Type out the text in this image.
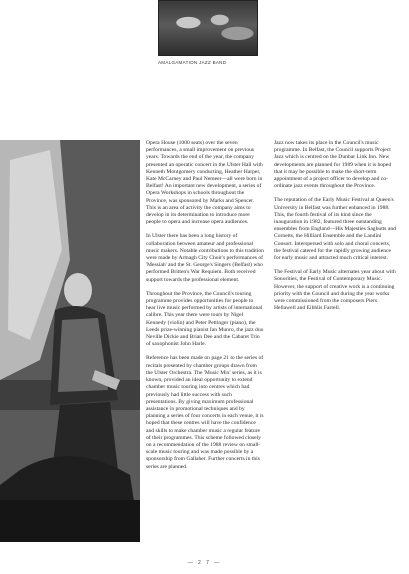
AMALGAMATION JAZZ BAND

Opera House (1000 seats) over the seven performances, a small improvement on previous years. Towards the end of the year, the company presented an operatic concert in the Ulster Hall with Kenneth Montgomery conducting, Heather Harper, Kate McCarney and Paul Nemeer—all were born in Belfast! An important new development, a series of Opera Workshops in schools throughout the Province, was sponsored by Marks and Spencer. This is an area of activity the company aims to develop in its determination to introduce more people to opera and increase opera audiences.

In Ulster there has been a long history of collaboration between amateur and professional music makers. Notable contributions to this tradition were made by Armagh City Choir's performances of 'Messiah' and the St. George's Singers (Belfast) who performed Britten's War Requiem. Both received support towards the professional element.

Throughout the Province, the Council's touring programme provides opportunities for people to hear live music performed by artists of international calibre. This year there were tours by Nigel Kennedy (violin) and Peter Pettinger (piano), the Leeds prize-winning pianist Ian Munro, the jazz duo Neville Dickie and Brian Dee and the Cabaret Trio of saxophonist John Harle.

Reference has been made on page 21 to the series of recitals presented by chamber groups drawn from the Ulster Orchestra. The 'Music Mix' series, as it is known, provided an ideal opportunity to extend chamber music touring into centres which had previously had little success with such presentations. By giving maximum professional assistance in promotional techniques and by planning a series of four concerts in each venue, it is hoped that these centres will have the confidence and skills to make chamber music a regular feature of their programmes. This scheme followed closely on a recommendation of the 1988 review on small-scale music touring and was made possible by a sponsorship from Gallaher. Further concerts in this series are planned.

Jazz now takes its place in the Council's music programme. In Belfast, the Council supports Project Jazz which is centred on the Dunbar Link Inn. New developments are planned for 1989 when it is hoped that it may be possible to make the short-term appointment of a project officer to develop and co-ordinate jazz events throughout the Province.

The reputation of the Early Music Festival at Queen's University in Belfast was further enhanced in 1988. This, the fourth festival of its kind since the inauguration in 1982, featured three outstanding ensembles from England—His Majesties Sagbutts and Cornetts, the Hilliard Ensemble and the Landini Consort. Interspersed with solo and choral concerts, the festival catered for the rapidly growing audience for early music and attracted much critical interest.

The Festival of Early Music alternates year about with Sonorities, the Festival of Contemporary Music. However, the support of creative work is a continuing priority with the Council and during the year works were commissioned from the composers Piers Hellawell and Eibhlis Farrell.

— 2 7 —
